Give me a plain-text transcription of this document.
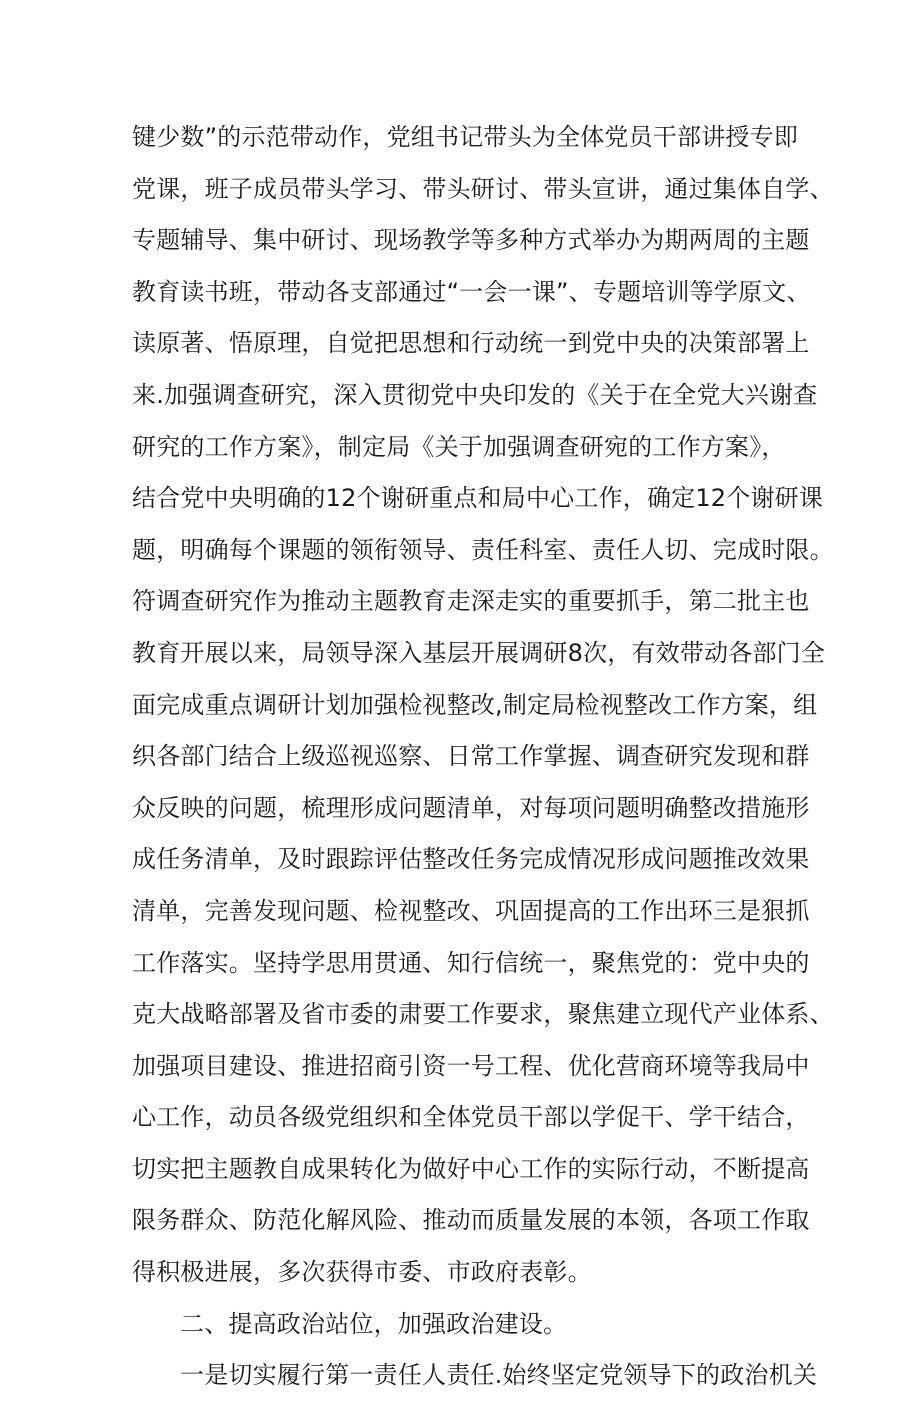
键少数”的示范带动作，党组书记带头为全体党员干部讲授专即
党课，班子成员带头学习、带头研讨、带头宣讲，通过集体自学、
专题辅导、集中研讨、现场教学等多种方式举办为期两周的主题
教育读书班，带动各支部通过“一会一课”、专题培训等学原文、
读原著、悟原理，自觉把思想和行动统一到党中央的决策部署上
来.加强调查研究，深入贯彻党中央印发的《关于在全党大兴谢查
研究的工作方案》，制定局《关于加强调查研宛的工作方案》，
结合党中央明确的12个谢研重点和局中心工作，确定12个谢研课
题，明确每个课题的领衔领导、责任科室、责任人切、完成时限。
符调查研究作为推动主题教育走深走实的重要抓手，第二批主也
教育开展以来，局领导深入基层开展调研8次，有效带动各部门全
面完成重点调研计划加强检视整改,制定局检视整改工作方案，组
织各部门结合上级巡视巡察、日常工作掌握、调查研究发现和群
众反映的问题，梳理形成问题清单，对每项问题明确整改措施形
成任务清单，及时跟踪评估整改任务完成情况形成问题推改效果
清单，完善发现问题、检视整改、巩固提高的工作出环三是狠抓
工作落实。坚持学思用贯通、知行信统一，聚焦党的：党中央的
克大战略部署及省市委的肃要工作要求，聚焦建立现代产业体系、
加强项目建设、推进招商引资一号工程、优化营商环境等我局中
心工作，动员各级党组织和全体党员干部以学促干、学干结合，
切实把主题教自成果转化为做好中心工作的实际行动，不断提高
限务群众、防范化解风险、推动而质量发展的本领，各项工作取
得积极进展，多次获得市委、市政府表彰。
二、提高政治站位，加强政治建设。
一是切实履行第一责任人责任.始终坚定党领导下的政治机关
